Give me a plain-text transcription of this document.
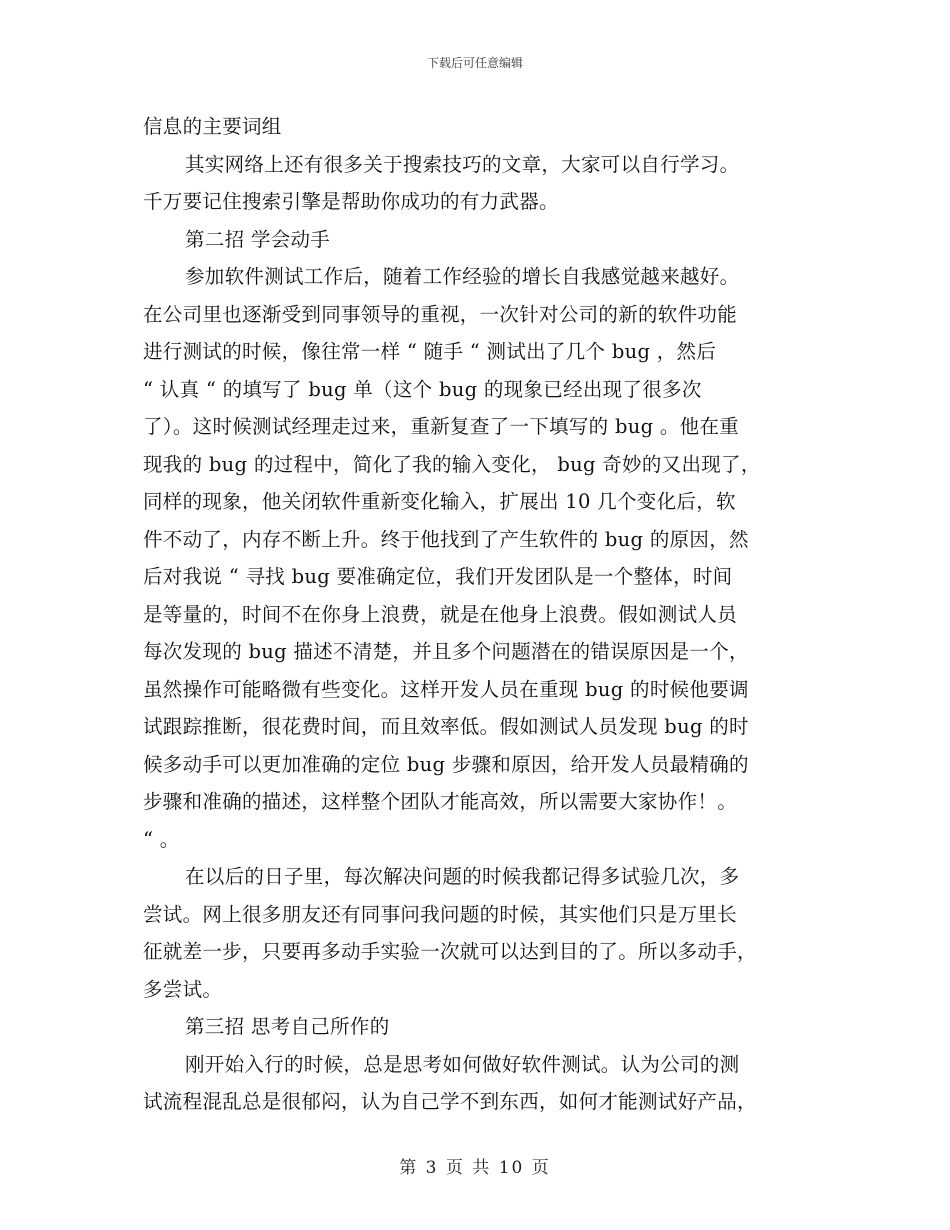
下载后可任意编辑
信息的主要词组
其实网络上还有很多关于搜索技巧的文章，大家可以自行学习。
千万要记住搜索引擎是帮助你成功的有力武器。
第二招 学会动手
参加软件测试工作后，随着工作经验的增长自我感觉越来越好。
在公司里也逐渐受到同事领导的重视，一次针对公司的新的软件功能
进行测试的时候，像往常一样 “ 随手 “ 测试出了几个 bug ，然后
“ 认真 “ 的填写了 bug 单（这个 bug 的现象已经出现了很多次
了）。这时候测试经理走过来，重新复查了一下填写的 bug 。他在重
现我的 bug 的过程中，简化了我的输入变化， bug 奇妙的又出现了，
同样的现象，他关闭软件重新变化输入，扩展出 10 几个变化后，软
件不动了，内存不断上升。终于他找到了产生软件的 bug 的原因，然
后对我说 “ 寻找 bug 要准确定位，我们开发团队是一个整体，时间
是等量的，时间不在你身上浪费，就是在他身上浪费。假如测试人员
每次发现的 bug 描述不清楚，并且多个问题潜在的错误原因是一个，
虽然操作可能略微有些变化。这样开发人员在重现 bug 的时候他要调
试跟踪推断，很花费时间，而且效率低。假如测试人员发现 bug 的时
候多动手可以更加准确的定位 bug 步骤和原因，给开发人员最精确的
步骤和准确的描述，这样整个团队才能高效，所以需要大家协作！。
“ 。
在以后的日子里，每次解决问题的时候我都记得多试验几次，多
尝试。网上很多朋友还有同事问我问题的时候，其实他们只是万里长
征就差一步，只要再多动手实验一次就可以达到目的了。所以多动手，
多尝试。
第三招 思考自己所作的
刚开始入行的时候，总是思考如何做好软件测试。认为公司的测
试流程混乱总是很郁闷，认为自己学不到东西，如何才能测试好产品，
第 3 页 共 10 页
